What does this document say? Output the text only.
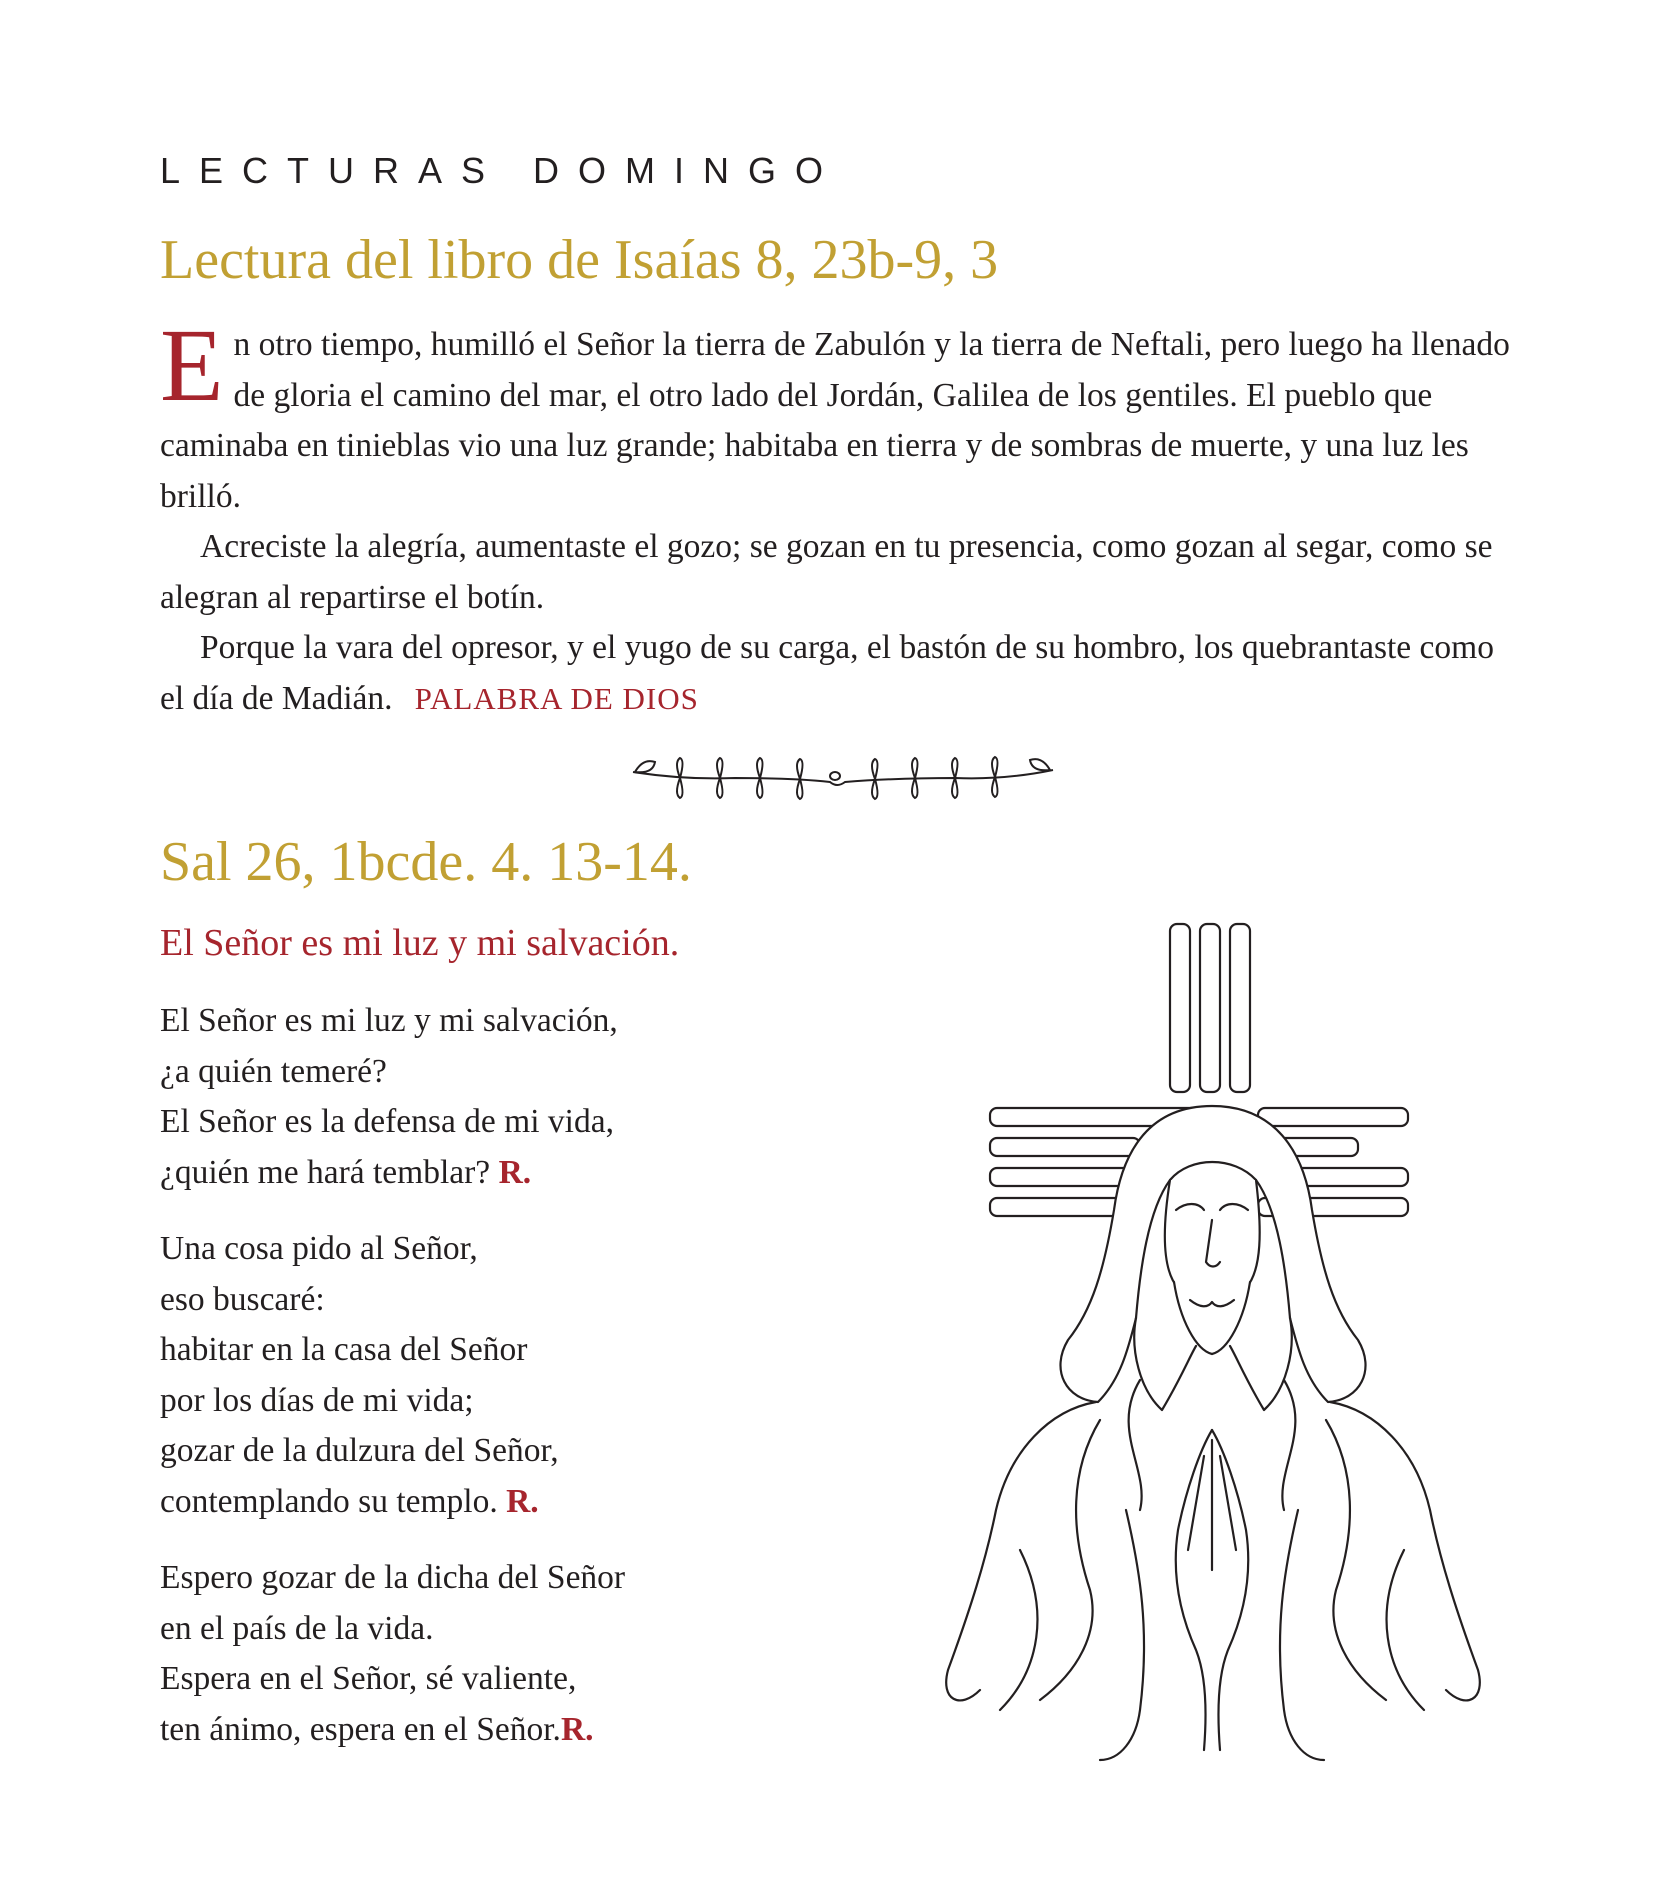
LECTURAS DOMINGO
Lectura del libro de Isaías 8, 23b-9, 3

En otro tiempo, humilló el Señor la tierra de Zabulón y la tierra de Neftali, pero luego ha llenado de gloria el camino del mar, el otro lado del Jordán, Galilea de los gentiles. El pueblo que caminaba en tinieblas vio una luz grande; habitaba en tierra y de sombras de muerte, y una luz les brilló.

Acreciste la alegría, aumentaste el gozo; se gozan en tu presencia, como gozan al segar, como se alegran al repartirse el botín.

Porque la vara del opresor, y el yugo de su carga, el bastón de su hombro, los quebrantaste como el día de Madián. PALABRA DE DIOS

Sal 26, 1bcde. 4. 13-14.
El Señor es mi luz y mi salvación.

El Señor es mi luz y mi salvación,
¿a quién temeré?
El Señor es la defensa de mi vida,
¿quién me hará temblar? R.

Una cosa pido al Señor,
eso buscaré:
habitar en la casa del Señor
por los días de mi vida;
gozar de la dulzura del Señor,
contemplando su templo. R.

Espero gozar de la dicha del Señor
en el país de la vida.
Espera en el Señor, sé valiente,
ten ánimo, espera en el Señor.R.
